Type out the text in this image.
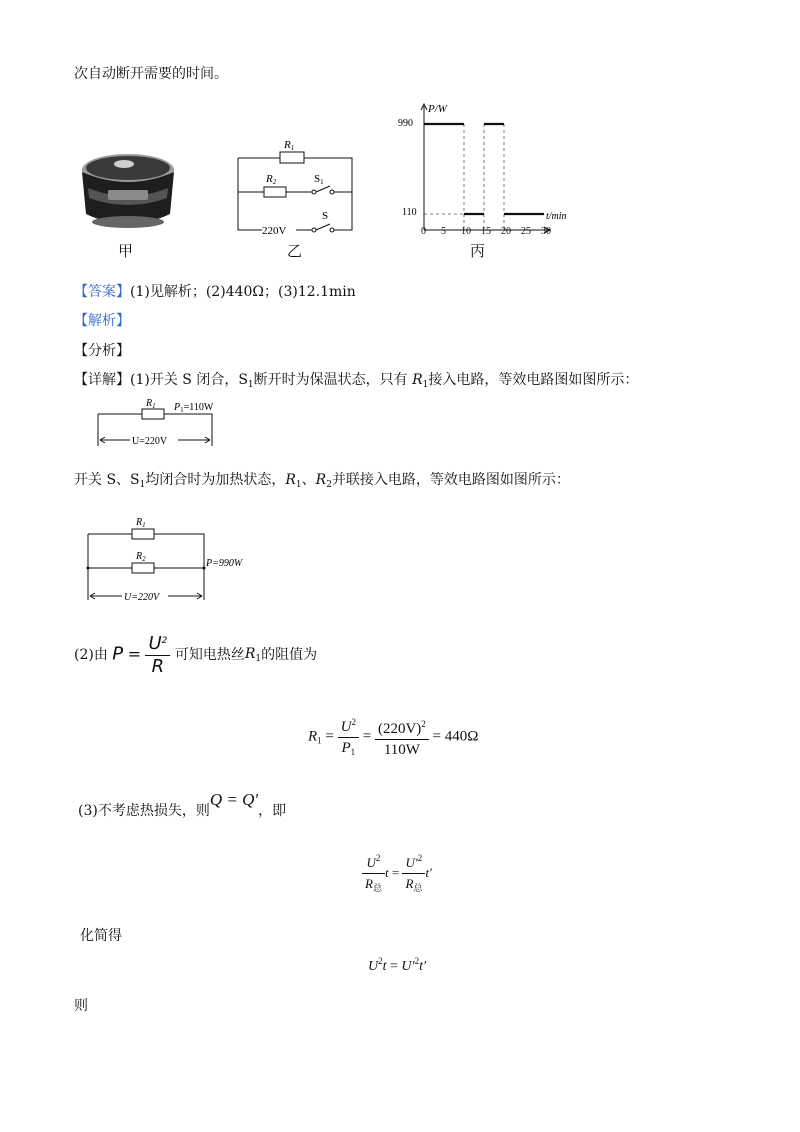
次自动断开需要的时间。
甲
R1
R2	S1
220V
S
乙
0 5 10 15 20 25 30
P/W
t/min
990
110
丙
【答案】(1)见解析；(2)440Ω；(3)12.1min
【解析】
【分析】
【详解】(1)开关 S 闭合，$S_1$断开时为保温状态，只有 $R_1$接入电路，等效电路图如图所示：
$R_1$ $P_1=110W$
U=220V
开关 S、$S_1$均闭合时为加热状态，$R_1$、$R_2$并联接入电路，等效电路图如图所示：
$R_1$
$R_2$	P=990W
U=220V
(2)由 $P = \frac{U^2}{R}$ 可知电热丝$R_1$的阻值为
$R_1 = \frac{U^2}{P_1} = \frac{(220V)^2}{110W} = 440\Omega$
(3)不考虑热损失，则Q = Q′，即
$\frac{U^2}{R_总}$ $t = \frac{U'^2}{R_总} t'$
化简得
$U^2t = U'^2t'$
则
